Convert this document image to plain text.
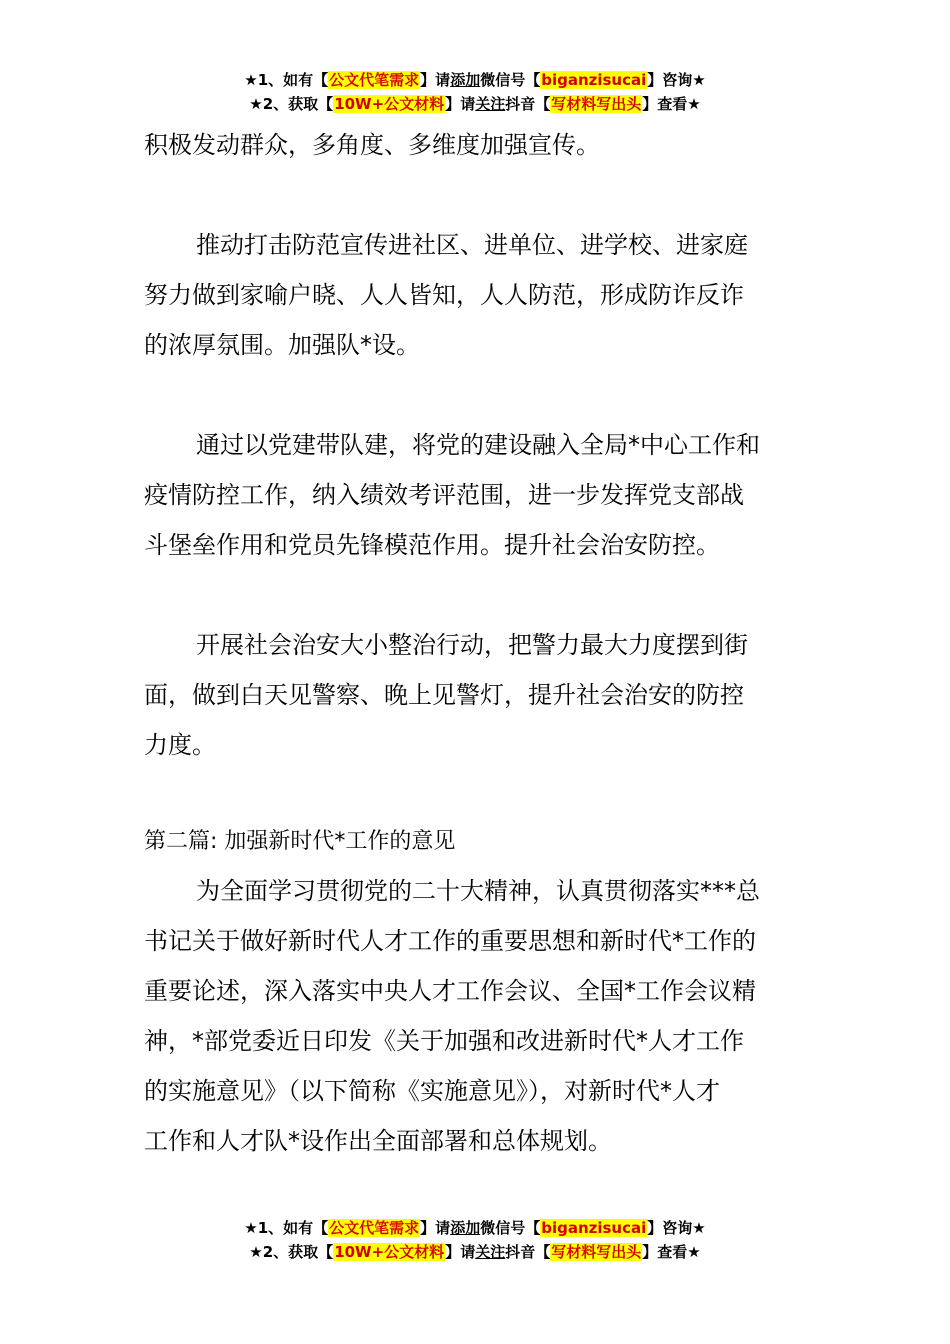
★1、如有【公文代笔需求】请添加微信号【biganzisucai】咨询★
★2、获取【10W+公文材料】请关注抖音【写材料写出头】查看★

积极发动群众，多角度、多维度加强宣传。

推动打击防范宣传进社区、进单位、进学校、进家庭

努力做到家喻户晓、人人皆知，人人防范，形成防诈反诈

的浓厚氛围。加强队*设。

通过以党建带队建，将党的建设融入全局*中心工作和

疫情防控工作，纳入绩效考评范围，进一步发挥党支部战

斗堡垒作用和党员先锋模范作用。提升社会治安防控。

开展社会治安大小整治行动，把警力最大力度摆到街

面，做到白天见警察、晚上见警灯，提升社会治安的防控

力度。

第二篇: 加强新时代*工作的意见

为全面学习贯彻党的二十大精神，认真贯彻落实***总

书记关于做好新时代人才工作的重要思想和新时代*工作的

重要论述，深入落实中央人才工作会议、全国*工作会议精

神，*部党委近日印发《关于加强和改进新时代*人才工作

的实施意见》（以下简称《实施意见》），对新时代*人才

工作和人才队*设作出全面部署和总体规划。

★1、如有【公文代笔需求】请添加微信号【biganzisucai】咨询★
★2、获取【10W+公文材料】请关注抖音【写材料写出头】查看★
